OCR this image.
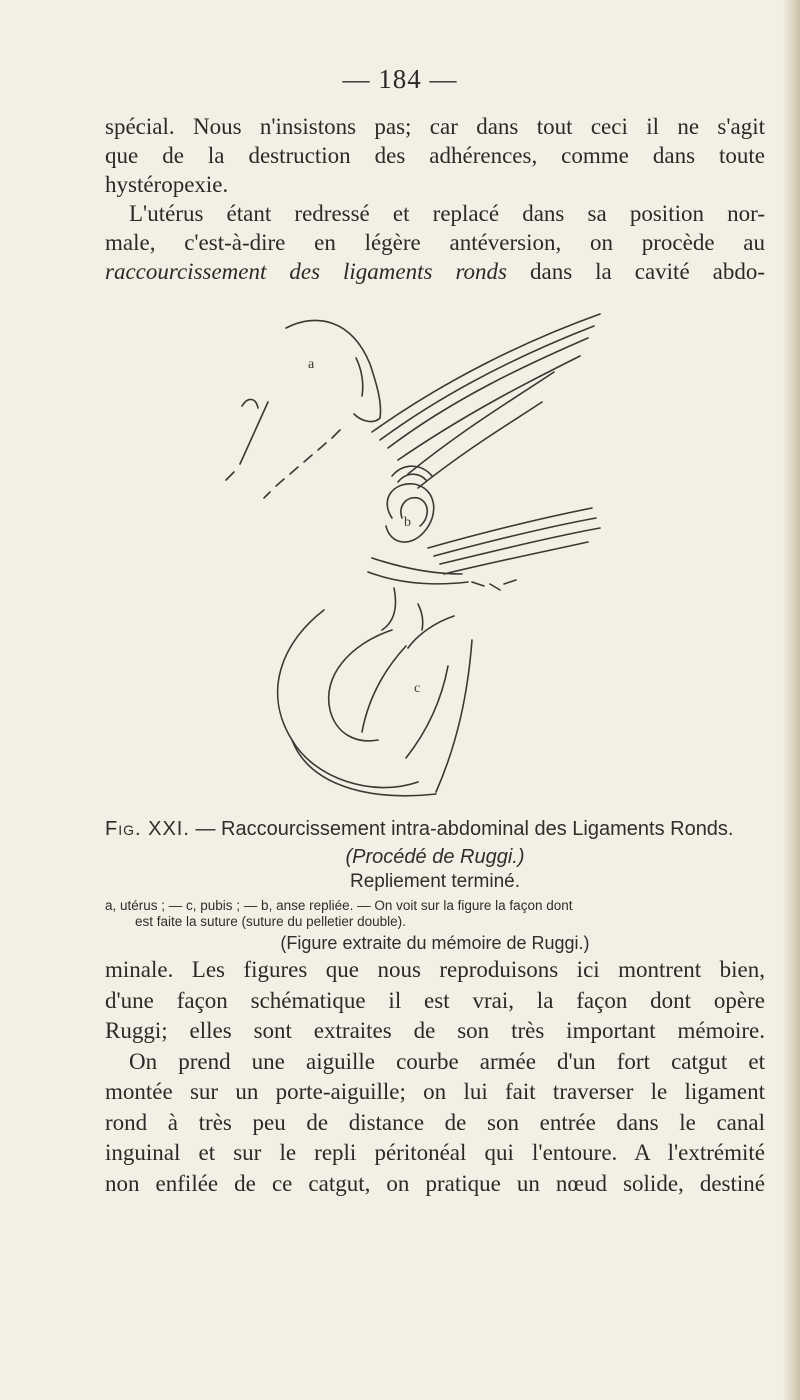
— 184 —
spécial. Nous n'insistons pas; car dans tout ceci il ne s'agit
que de la destruction des adhérences, comme dans toute
hystéropexie.
L'utérus étant redressé et replacé dans sa position nor-
male, c'est-à-dire en légère antéversion, on procède au
raccourcissement des ligaments ronds dans la cavité abdo-
a
b
c
Fig. XXI. — Raccourcissement intra-abdominal des Ligaments Ronds.
(Procédé de Ruggi.)
Repliement terminé.
a, utérus ; — c, pubis ; — b, anse repliée. — On voit sur la figure la façon dont
est faite la suture (suture du pelletier double).
(Figure extraite du mémoire de Ruggi.)
minale. Les figures que nous reproduisons ici montrent bien,
d'une façon schématique il est vrai, la façon dont opère
Ruggi; elles sont extraites de son très important mémoire.
On prend une aiguille courbe armée d'un fort catgut et
montée sur un porte-aiguille; on lui fait traverser le ligament
rond à très peu de distance de son entrée dans le canal
inguinal et sur le repli péritonéal qui l'entoure. A l'extrémité
non enfilée de ce catgut, on pratique un nœud solide, destiné
